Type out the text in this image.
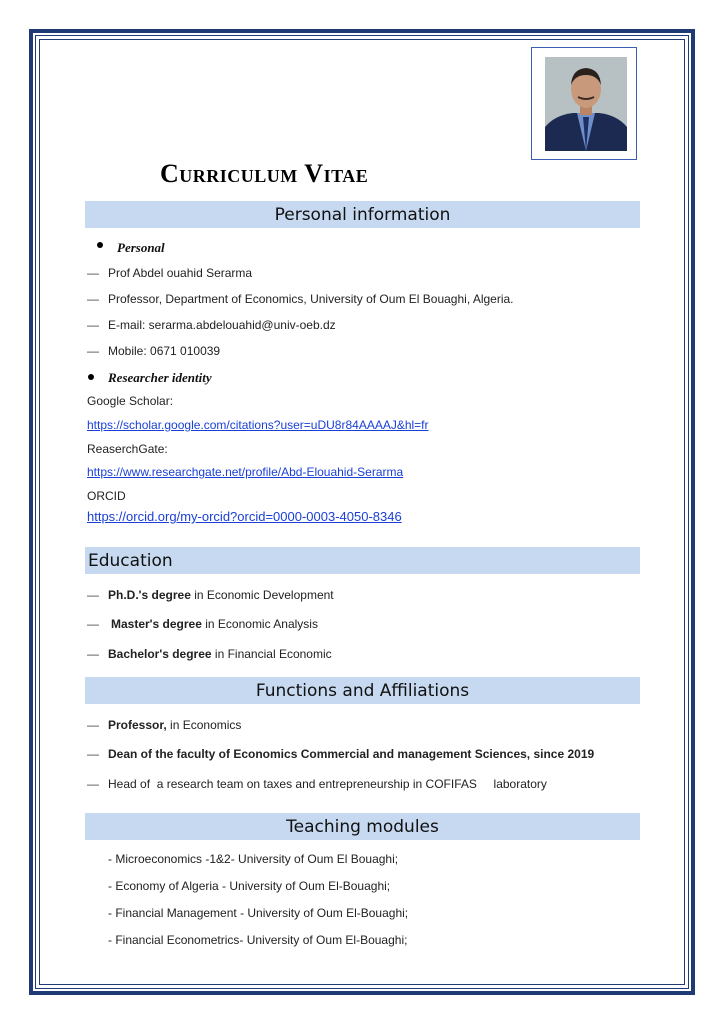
Curriculum Vitae
Personal information
Personal
—
Prof Abdel ouahid Serarma
—
Professor, Department of Economics, University of Oum El Bouaghi, Algeria.
—
E-mail: serarma.abdelouahid@univ-oeb.dz
—
Mobile: 0671 010039
Researcher identity
Google Scholar:
https://scholar.google.com/citations?user=uDU8r84AAAAJ&hl=fr
ReaserchGate:
https://www.researchgate.net/profile/Abd-Elouahid-Serarma
ORCID
https://orcid.org/my-orcid?orcid=0000-0003-4050-8346
Education
—
Ph.D.'s degree in Economic Development
—
Master's degree in Economic Analysis
—
Bachelor's degree in Financial Economic
Functions and Affiliations
—
Professor, in Economics
—
Dean of the faculty of Economics Commercial and management Sciences, since 2019
—
Head of  a research team on taxes and entrepreneurship in COFIFAS     laboratory
Teaching modules
- Microeconomics -1&2- University of Oum El Bouaghi;
- Economy of Algeria - University of Oum El-Bouaghi;
- Financial Management - University of Oum El-Bouaghi;
- Financial Econometrics- University of Oum El-Bouaghi;
